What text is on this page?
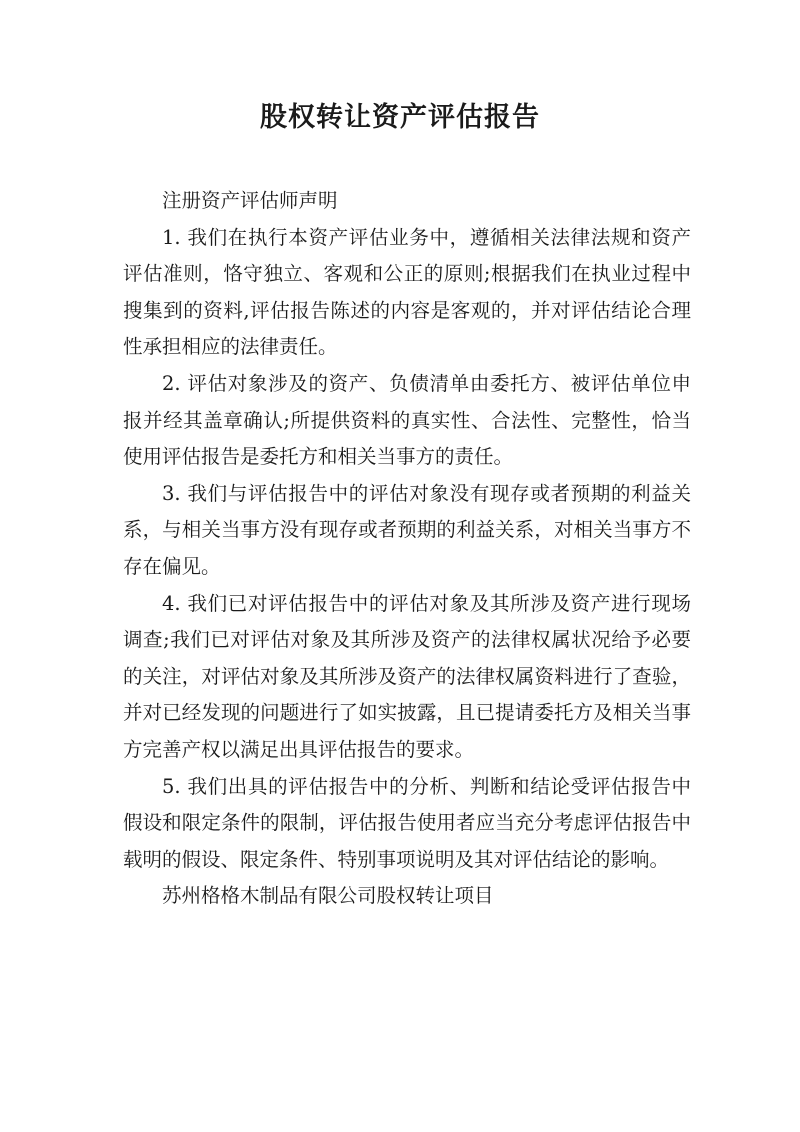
股权转让资产评估报告
注册资产评估师声明

1. 我们在执行本资产评估业务中，遵循相关法律法规和资产评估准则，恪守独立、客观和公正的原则;根据我们在执业过程中搜集到的资料,评估报告陈述的内容是客观的，并对评估结论合理性承担相应的法律责任。

2. 评估对象涉及的资产、负债清单由委托方、被评估单位申报并经其盖章确认;所提供资料的真实性、合法性、完整性，恰当使用评估报告是委托方和相关当事方的责任。

3. 我们与评估报告中的评估对象没有现存或者预期的利益关系，与相关当事方没有现存或者预期的利益关系，对相关当事方不存在偏见。

4. 我们已对评估报告中的评估对象及其所涉及资产进行现场调查;我们已对评估对象及其所涉及资产的法律权属状况给予必要的关注，对评估对象及其所涉及资产的法律权属资料进行了查验，并对已经发现的问题进行了如实披露，且已提请委托方及相关当事方完善产权以满足出具评估报告的要求。

5. 我们出具的评估报告中的分析、判断和结论受评估报告中假设和限定条件的限制，评估报告使用者应当充分考虑评估报告中载明的假设、限定条件、特别事项说明及其对评估结论的影响。

苏州格格木制品有限公司股权转让项目
